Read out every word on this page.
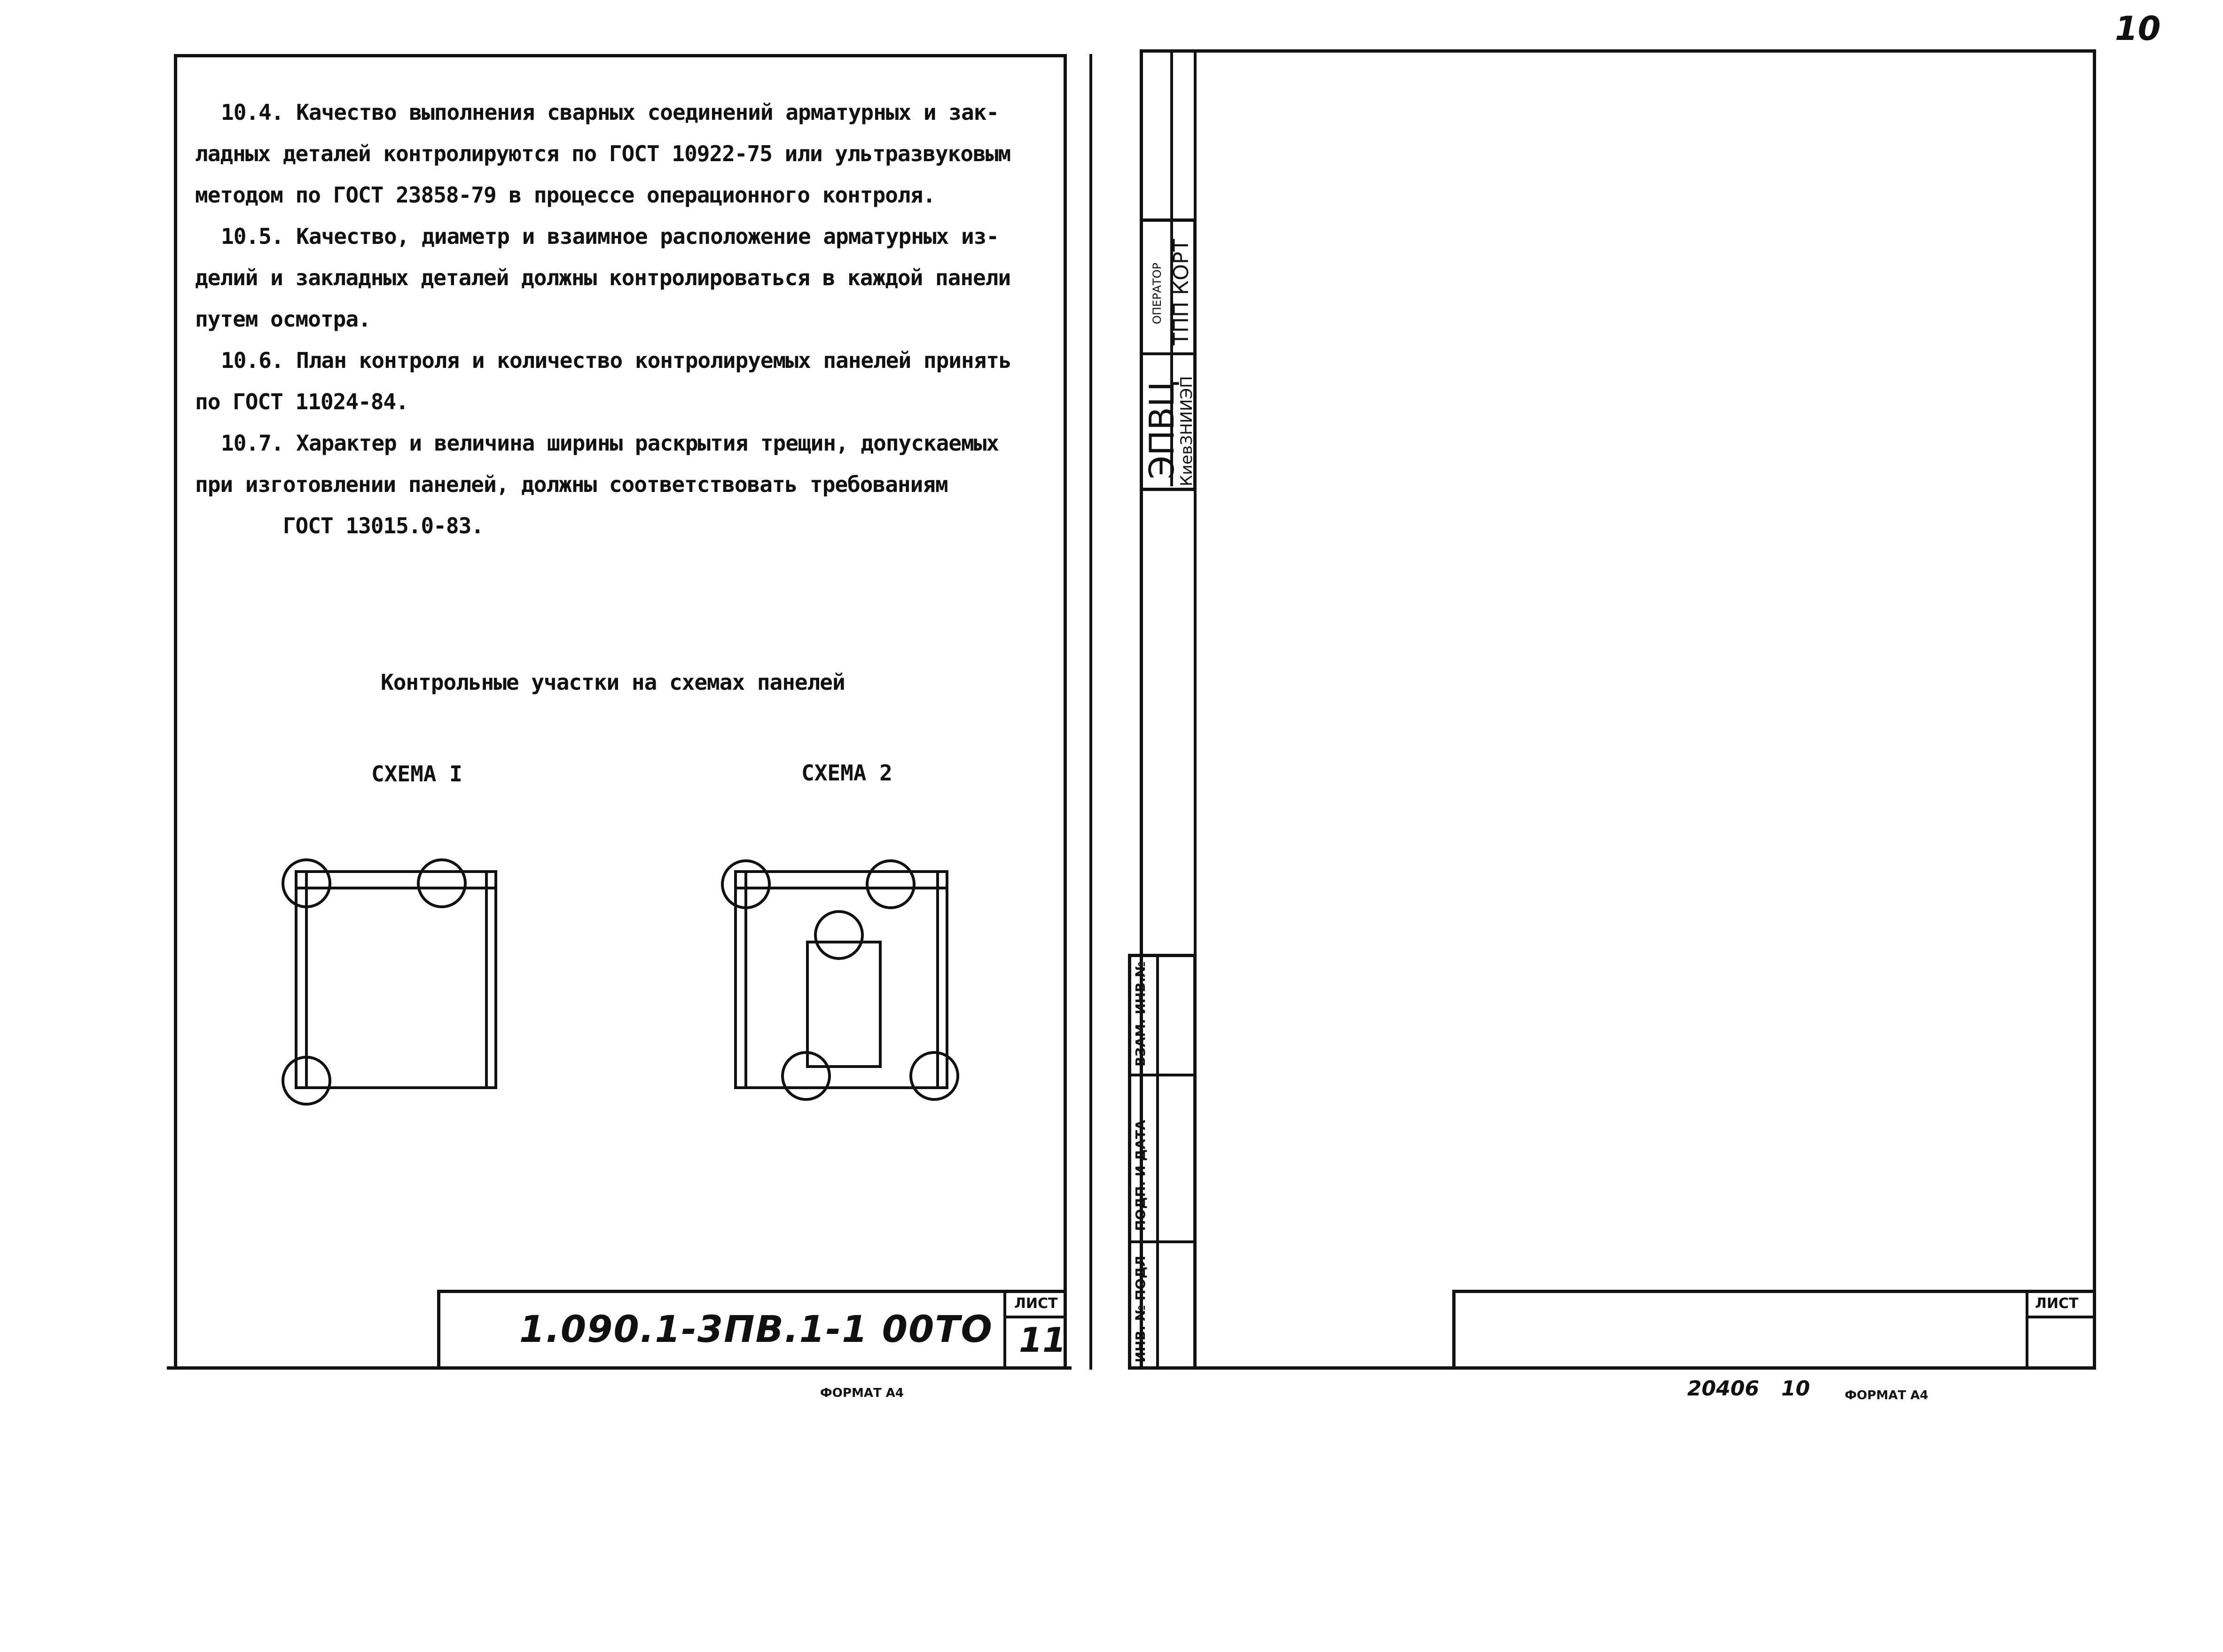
10
10.4. Качество выполнения сварных соединений арматурных и зак-
ладных деталей контролируются по ГОСТ 10922-75 или ультразвуковым
методом по ГОСТ 23858-79 в процессе операционного контроля.
10.5. Качество, диаметр и взаимное расположение арматурных из-
делий и закладных деталей должны контролироваться в каждой панели
путем осмотра.
10.6. План контроля и количество контролируемых панелей принять
по ГОСТ 11024-84.
10.7. Характер и величина ширины раскрытия трещин, допускаемых
при изготовлении панелей, должны соответствовать требованиям
ГОСТ 13015.0-83.
Контрольные участки на схемах панелей
СХЕМА I	СХЕМА 2
1.090.1-3ПВ.1-1 00ТО
ЛИСТ
11
ФОРМАТ А4
ЭПВЦ
КиевЗНИИЭП
ОПЕРАТОР ТПП КОРТ
ВЗАМ. ИНВ.№
ПОДП. И ДАТА
ИНВ. № ПОДЛ	ЛИСТ
20406 10	ФОРМАТ А4
